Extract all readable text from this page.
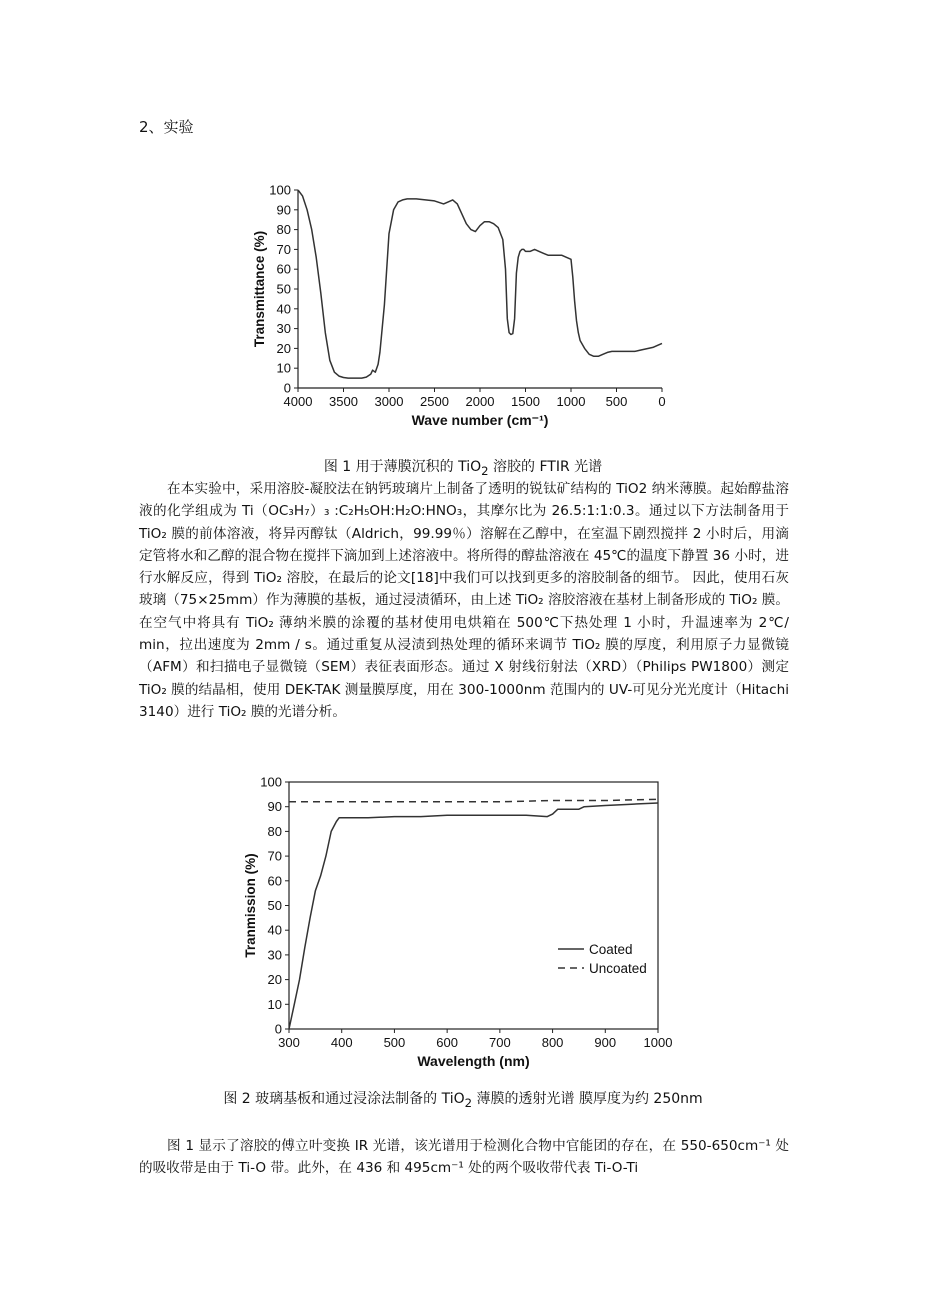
2、实验
0
10
20
30
40
50
60
70
80
90
100
4000 3500 3000 2500 2000 1500 1000 500 0
Wave number (cm⁻¹)
Transmittance (%)
图 1 用于薄膜沉积的 TiO$_2$ 溶胶的 FTIR 光谱

在本实验中，采用溶胶-凝胶法在钠钙玻璃片上制备了透明的锐钛矿结构的 TiO2 纳米薄膜。起始醇盐溶液的化学组成为 Ti（OC₃H₇）₃ :C₂H₅OH:H₂O:HNO₃，其摩尔比为 26.5:1:1:0.3。通过以下方法制备用于 TiO₂ 膜的前体溶液，将异丙醇钛（Aldrich，99.99％）溶解在乙醇中，在室温下剧烈搅拌 2 小时后，用滴定管将水和乙醇的混合物在搅拌下滴加到上述溶液中。将所得的醇盐溶液在 45℃的温度下静置 36 小时，进行水解反应，得到 TiO₂ 溶胶，在最后的论文[18]中我们可以找到更多的溶胶制备的细节。 因此，使用石灰玻璃（75×25mm）作为薄膜的基板，通过浸渍循环，由上述 TiO₂ 溶胶溶液在基材上制备形成的 TiO₂ 膜。 在空气中将具有 TiO₂ 薄纳米膜的涂覆的基材使用电烘箱在 500℃下热处理 1 小时，升温速率为 2℃/ min，拉出速度为 2mm / s。通过重复从浸渍到热处理的循环来调节 TiO₂ 膜的厚度，利用原子力显微镜（AFM）和扫描电子显微镜（SEM）表征表面形态。通过 X 射线衍射法（XRD）（Philips PW1800）测定 TiO₂ 膜的结晶相，使用 DEK-TAK 测量膜厚度，用在 300-1000nm 范围内的 UV-可见分光光度计（Hitachi 3140）进行 TiO₂ 膜的光谱分析。

0
10
20
30
40
50
60
70
80
90
100
300 400 500 600 700 800 900 1000
Wavelength (nm)
Tranmission (%)	Coated
Uncoated
图 2 玻璃基板和通过浸涂法制备的 TiO$_2$ 薄膜的透射光谱 膜厚度为约 250nm

图 1 显示了溶胶的傅立叶变换 IR 光谱，该光谱用于检测化合物中官能团的存在，在 550-650cm⁻¹ 处的吸收带是由于 Ti-O 带。此外，在 436 和 495cm⁻¹ 处的两个吸收带代表 Ti-O-Ti
